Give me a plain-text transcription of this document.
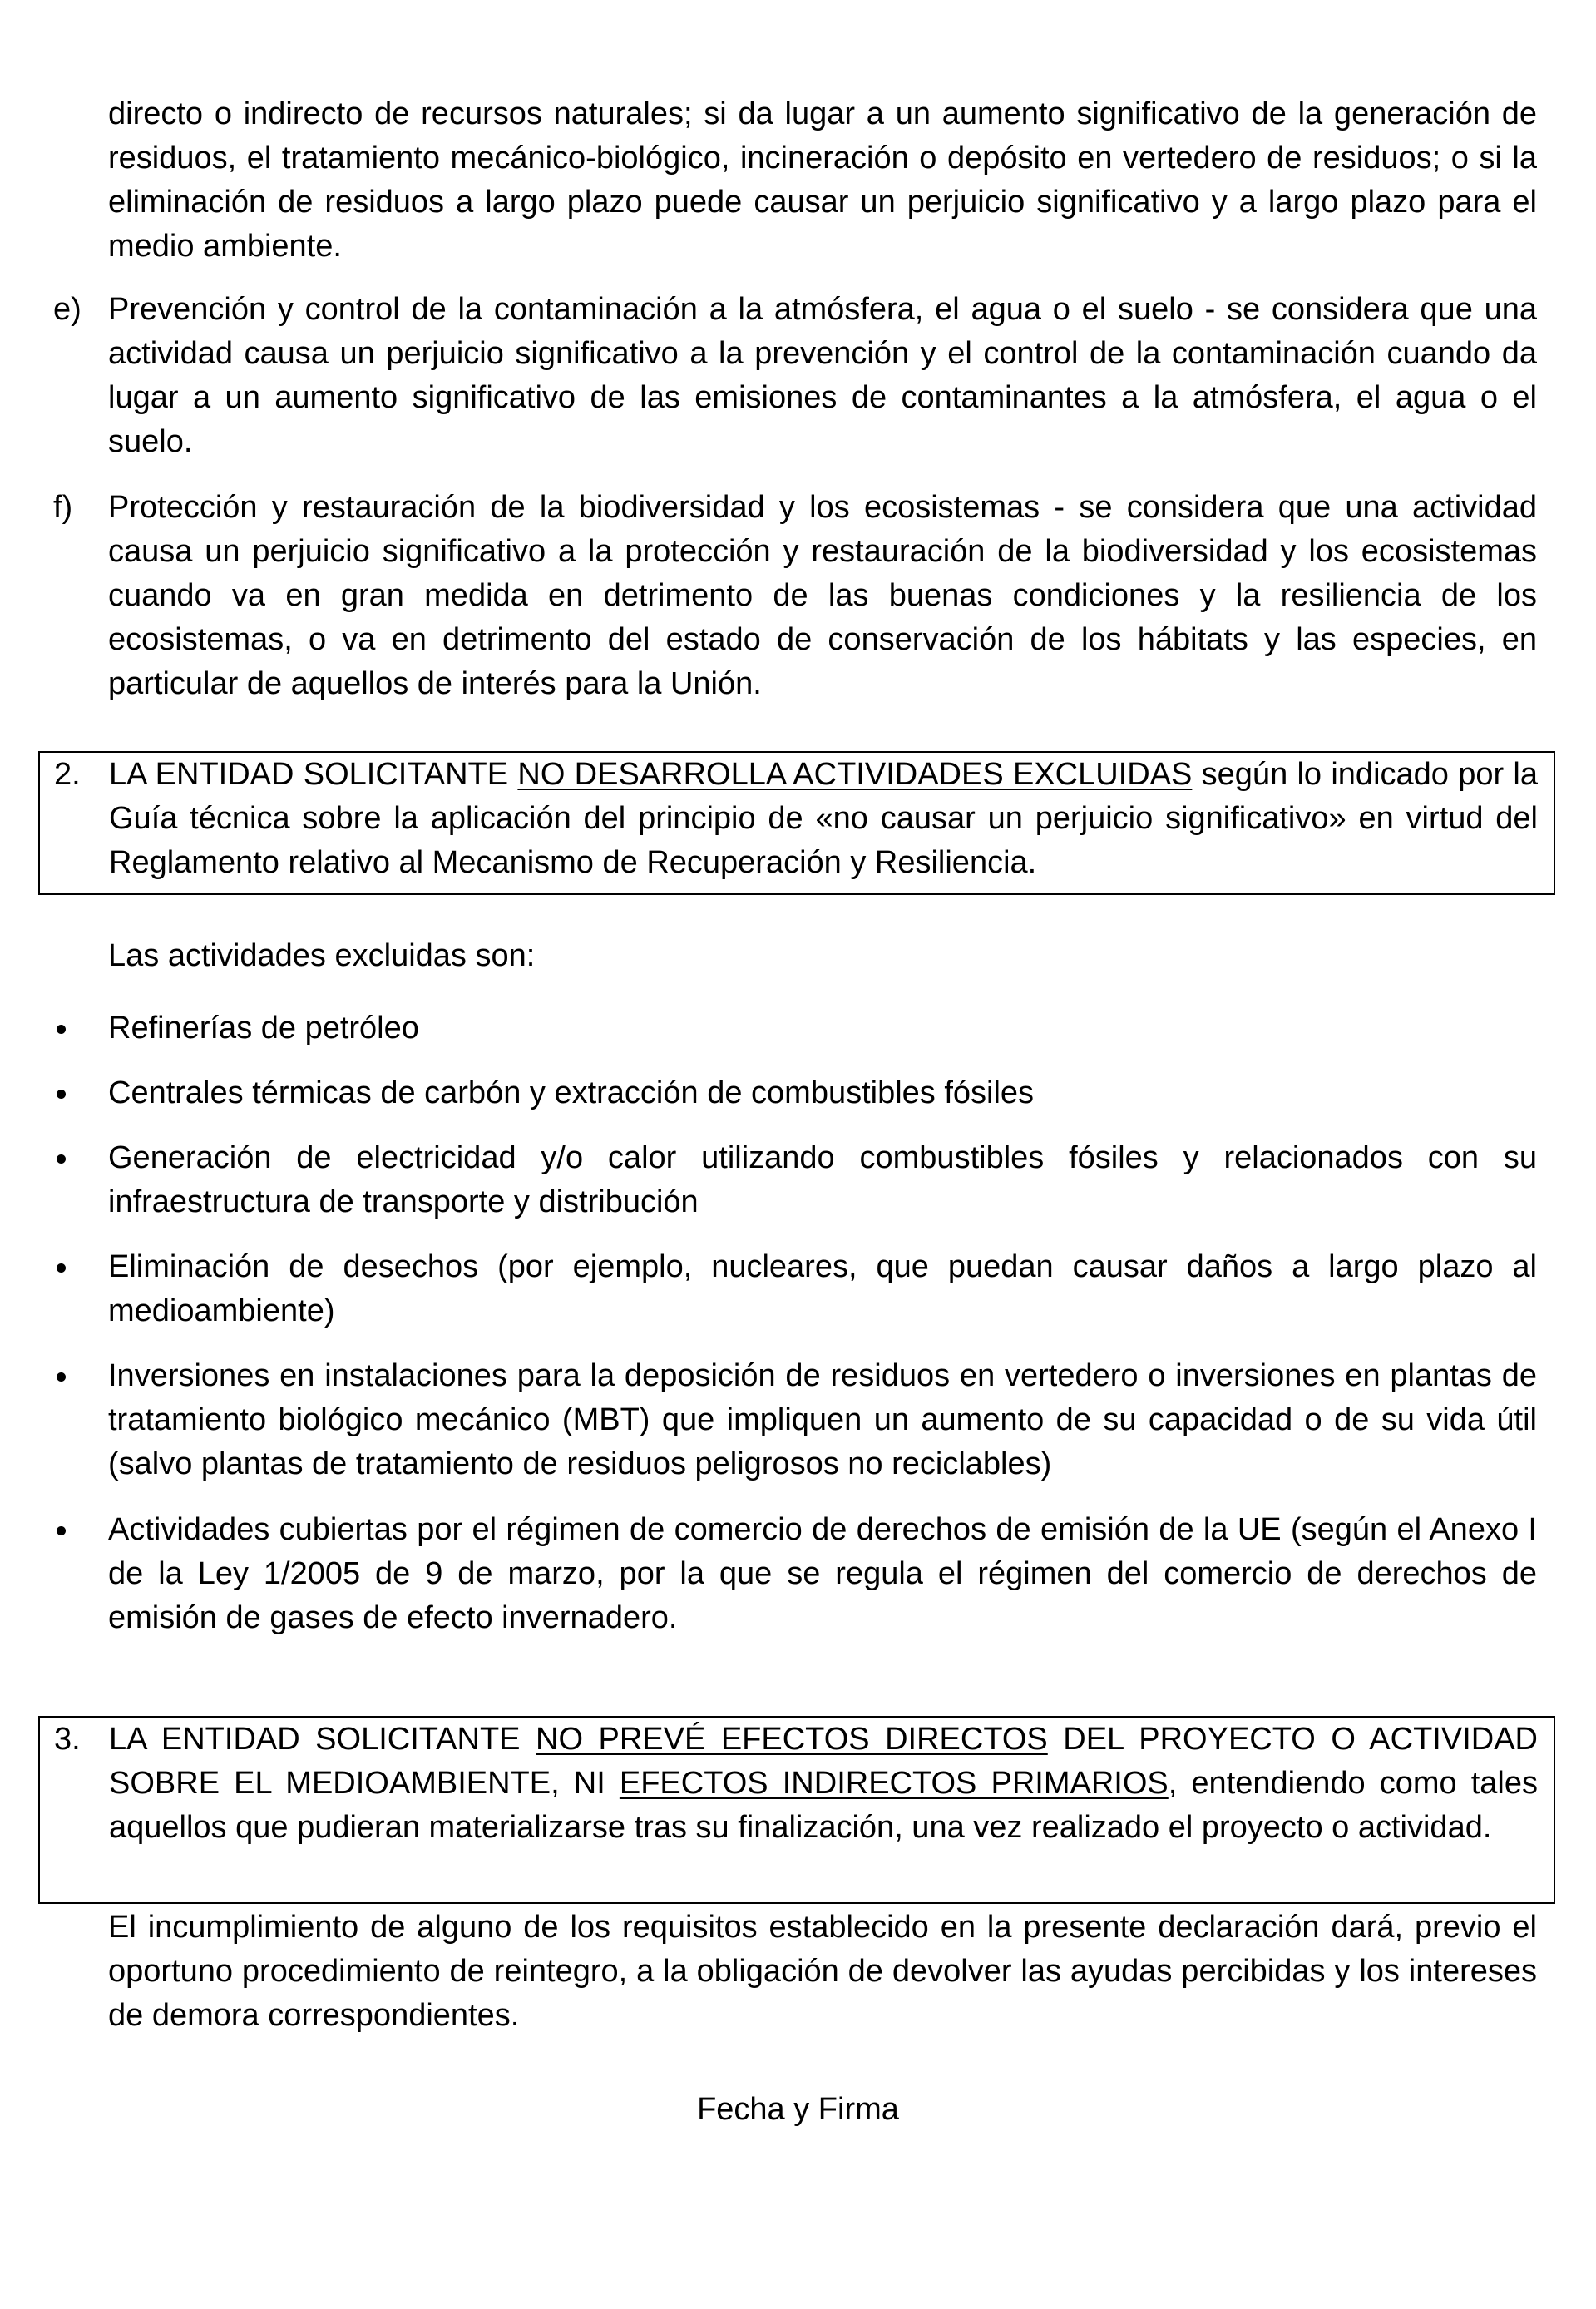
directo o indirecto de recursos naturales; si da lugar a un aumento significativo de la generación de residuos, el tratamiento mecánico-biológico, incineración o depósito en vertedero de residuos; o si la eliminación de residuos a largo plazo puede causar un perjuicio significativo y a largo plazo para el medio ambiente.

e) Prevención y control de la contaminación a la atmósfera, el agua o el suelo - se considera que una actividad causa un perjuicio significativo a la prevención y el control de la contaminación cuando da lugar a un aumento significativo de las emisiones de contaminantes a la atmósfera, el agua o el suelo.
f) Protección y restauración de la biodiversidad y los ecosistemas - se considera que una actividad causa un perjuicio significativo a la protección y restauración de la biodiversidad y los ecosistemas cuando va en gran medida en detrimento de las buenas condiciones y la resiliencia de los ecosistemas, o va en detrimento del estado de conservación de los hábitats y las especies, en particular de aquellos de interés para la Unión.
2. LA ENTIDAD SOLICITANTE NO DESARROLLA ACTIVIDADES EXCLUIDAS según lo indicado por la Guía técnica sobre la aplicación del principio de «no causar un perjuicio significativo» en virtud del Reglamento relativo al Mecanismo de Recuperación y Resiliencia.

Las actividades excluidas son:

Refinerías de petróleo
Centrales térmicas de carbón y extracción de combustibles fósiles
Generación de electricidad y/o calor utilizando combustibles fósiles y relacionados con su infraestructura de transporte y distribución
Eliminación de desechos (por ejemplo, nucleares, que puedan causar daños a largo plazo al medioambiente)
Inversiones en instalaciones para la deposición de residuos en vertedero o inversiones en plantas de tratamiento biológico mecánico (MBT) que impliquen un aumento de su capacidad o de su vida útil (salvo plantas de tratamiento de residuos peligrosos no reciclables)
Actividades cubiertas por el régimen de comercio de derechos de emisión de la UE (según el Anexo I de la Ley 1/2005 de 9 de marzo, por la que se regula el régimen del comercio de derechos de emisión de gases de efecto invernadero.
3. LA ENTIDAD SOLICITANTE NO PREVÉ EFECTOS DIRECTOS DEL PROYECTO O ACTIVIDAD SOBRE EL MEDIOAMBIENTE, NI EFECTOS INDIRECTOS PRIMARIOS, entendiendo como tales aquellos que pudieran materializarse tras su finalización, una vez realizado el proyecto o actividad.

El incumplimiento de alguno de los requisitos establecido en la presente declaración dará, previo el oportuno procedimiento de reintegro, a la obligación de devolver las ayudas percibidas y los intereses de demora correspondientes.

Fecha y Firma
